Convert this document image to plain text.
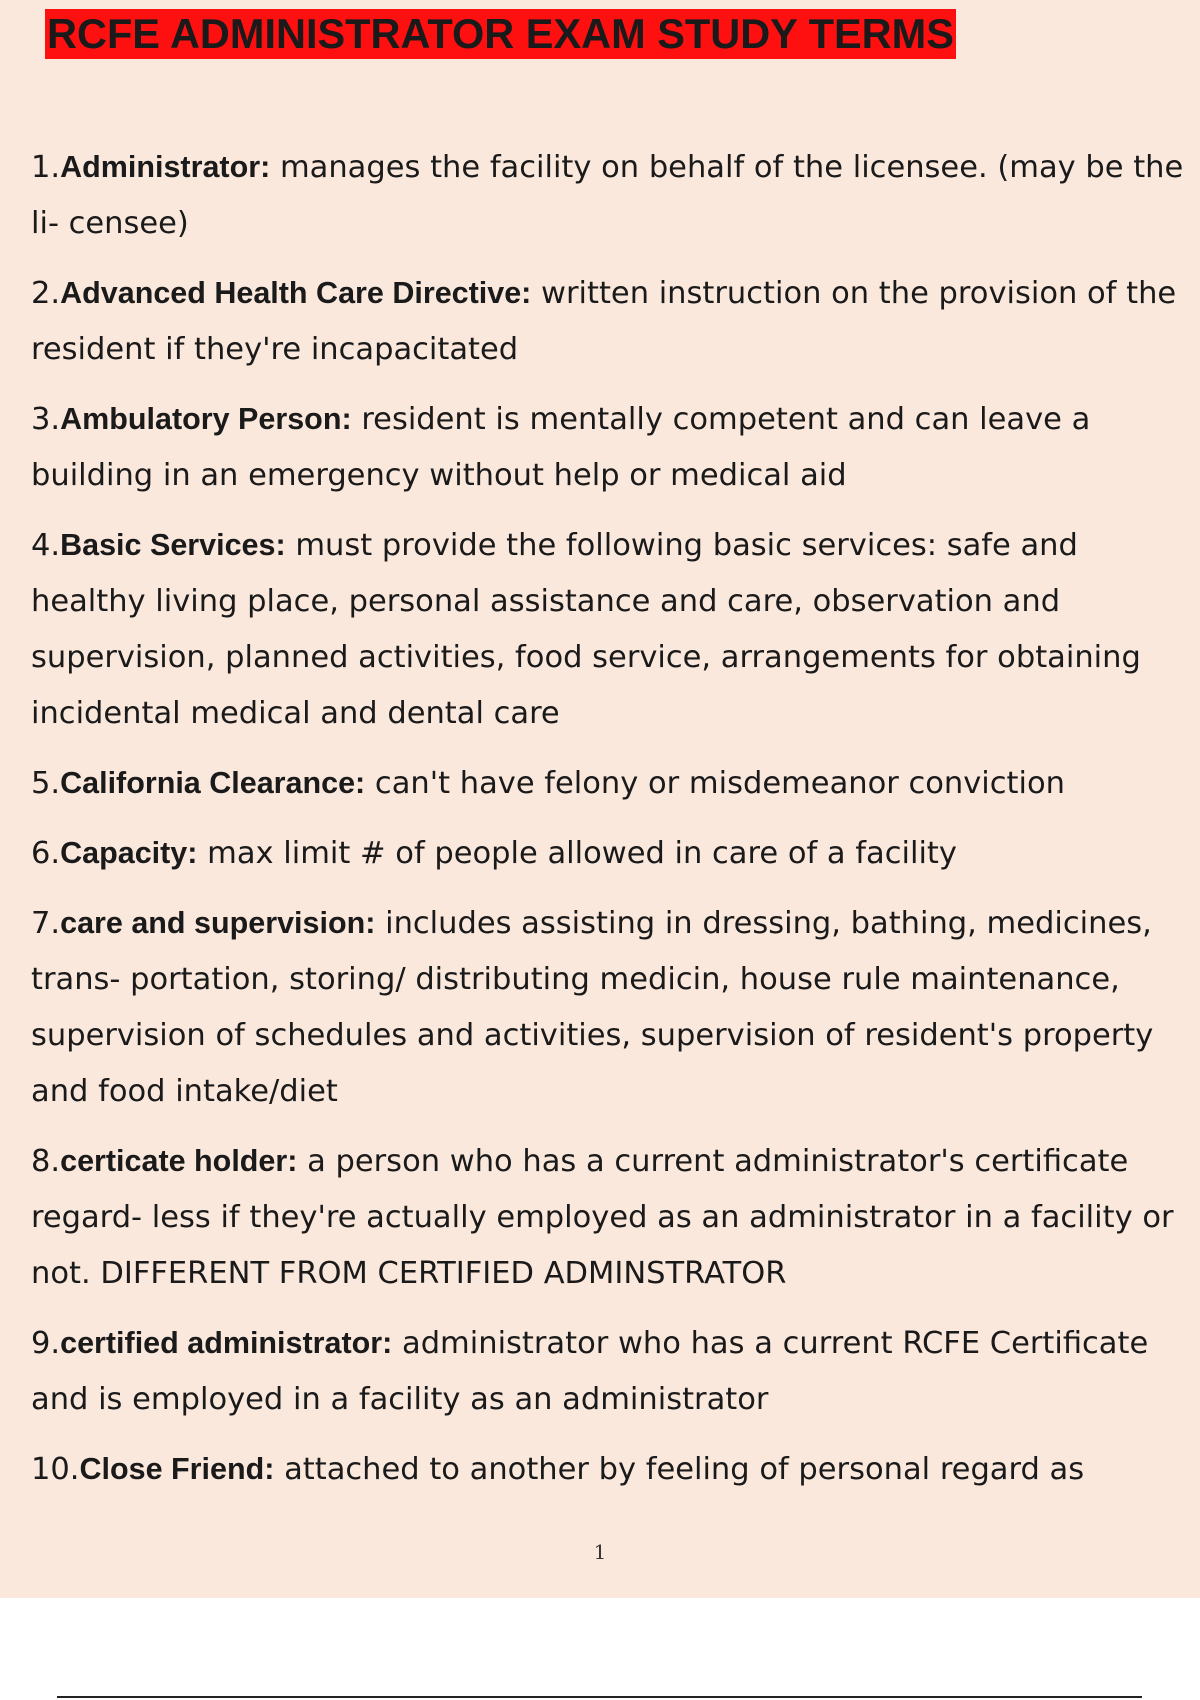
RCFE ADMINISTRATOR EXAM STUDY TERMS
1.Administrator: manages the facility on behalf of the licensee. (may be the li- censee)
2.Advanced Health Care Directive: written instruction on the provision of the resident if they're incapacitated
3.Ambulatory Person: resident is mentally competent and can leave a building in an emergency without help or medical aid
4.Basic Services: must provide the following basic services: safe and healthy living place, personal assistance and care, observation and supervision, planned activities, food service, arrangements for obtaining incidental medical and dental care
5.California Clearance: can't have felony or misdemeanor conviction
6.Capacity: max limit # of people allowed in care of a facility
7.care and supervision: includes assisting in dressing, bathing, medicines, trans- portation, storing/ distributing medicin, house rule maintenance, supervision of schedules and activities, supervision of resident's property and food intake/diet
8.certicate holder: a person who has a current administrator's certificate regard- less if they're actually employed as an administrator in a facility or not. DIFFERENT FROM CERTIFIED ADMINSTRATOR
9.certified administrator: administrator who has a current RCFE Certificate and is employed in a facility as an administrator
10.Close Friend: attached to another by feeling of personal regard as
1
